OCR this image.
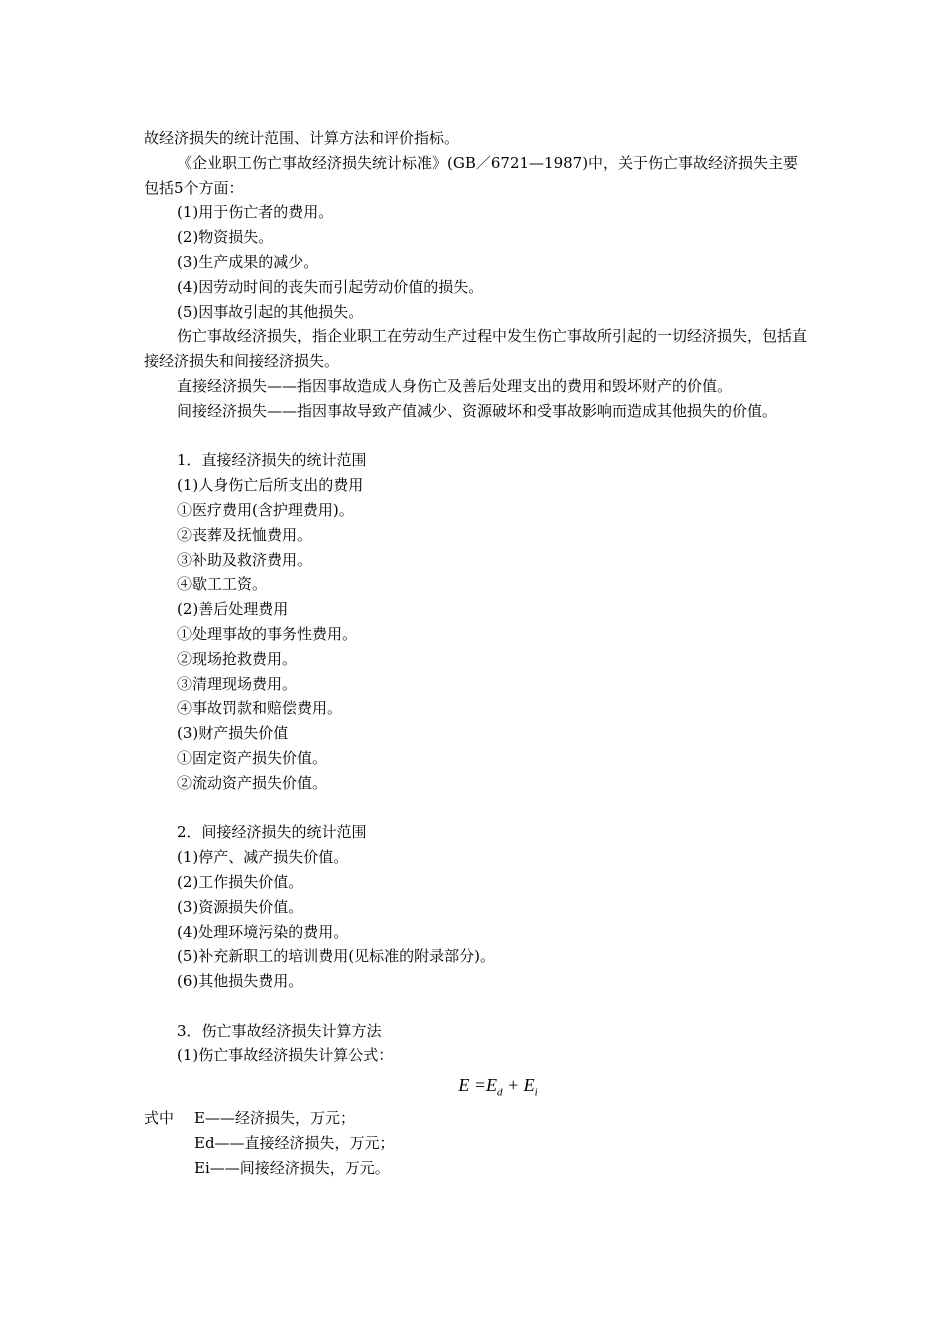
故经济损失的统计范围、计算方法和评价指标。

《企业职工伤亡事故经济损失统计标准》(GB／6721—1987)中，关于伤亡事故经济损失主要包括5个方面：

(1)用于伤亡者的费用。

(2)物资损失。

(3)生产成果的减少。

(4)因劳动时间的丧失而引起劳动价值的损失。

(5)因事故引起的其他损失。

伤亡事故经济损失，指企业职工在劳动生产过程中发生伤亡事故所引起的一切经济损失，包括直接经济损失和间接经济损失。

直接经济损失——指因事故造成人身伤亡及善后处理支出的费用和毁坏财产的价值。

间接经济损失——指因事故导致产值减少、资源破坏和受事故影响而造成其他损失的价值。

1．直接经济损失的统计范围

(1)人身伤亡后所支出的费用

①医疗费用(含护理费用)。

②丧葬及抚恤费用。

③补助及救济费用。

④歇工工资。

(2)善后处理费用

①处理事故的事务性费用。

②现场抢救费用。

③清理现场费用。

④事故罚款和赔偿费用。

(3)财产损失价值

①固定资产损失价值。

②流动资产损失价值。

2．间接经济损失的统计范围

(1)停产、减产损失价值。

(2)工作损失价值。

(3)资源损失价值。

(4)处理环境污染的费用。

(5)补充新职工的培训费用(见标准的附录部分)。

(6)其他损失费用。

3．伤亡事故经济损失计算方法

(1)伤亡事故经济损失计算公式：

$E =E_d + E_i$
式中	E——经济损失，万元；

Ed——直接经济损失，万元；

Ei——间接经济损失，万元。
